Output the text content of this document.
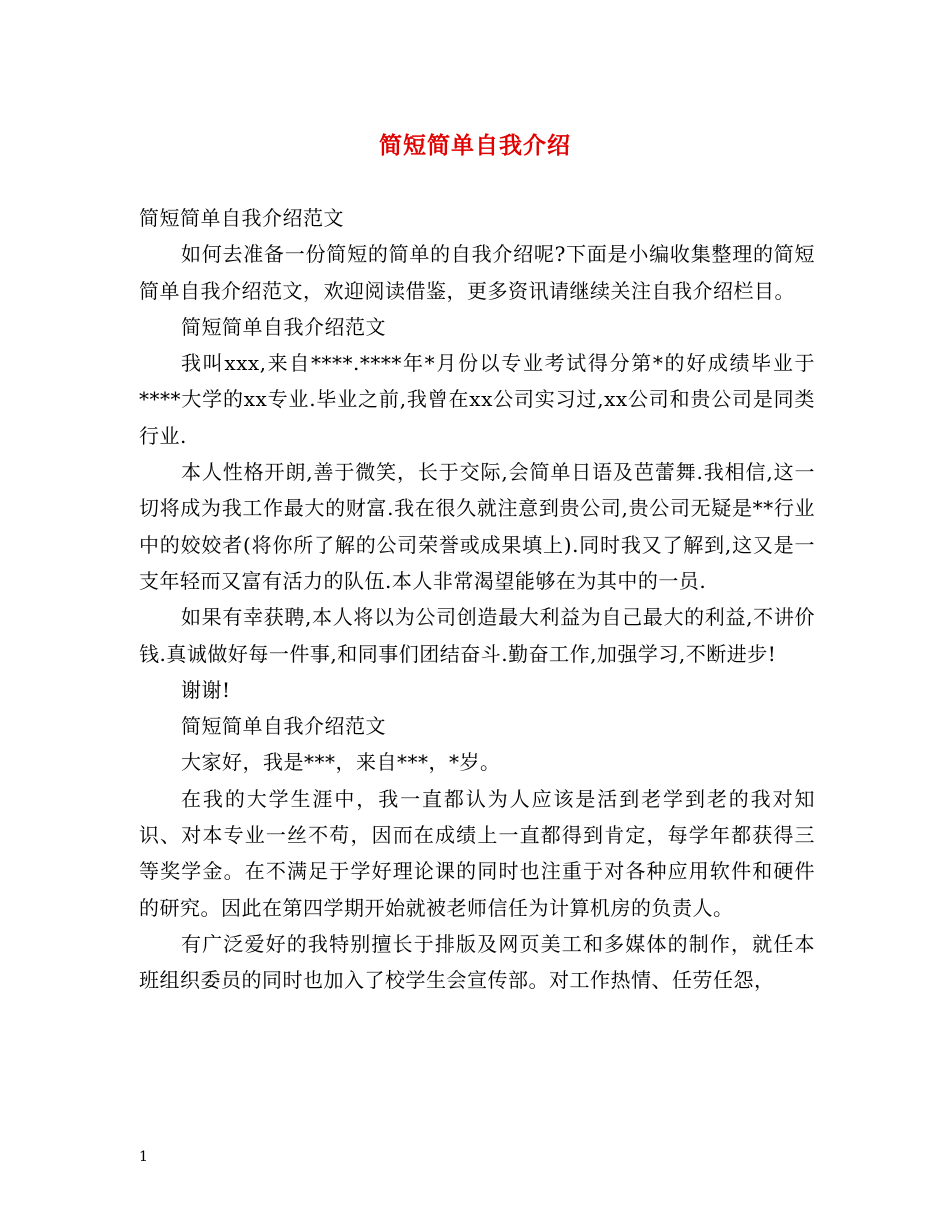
简短简单自我介绍

简短简单自我介绍范文

如何去准备一份简短的简单的自我介绍呢?下面是小编收集整理的简短简单自我介绍范文，欢迎阅读借鉴，更多资讯请继续关注自我介绍栏目。

简短简单自我介绍范文

我叫xxx,来自****.****年*月份以专业考试得分第*的好成绩毕业于****大学的xx专业.毕业之前,我曾在xx公司实习过,xx公司和贵公司是同类行业.

本人性格开朗,善于微笑，长于交际,会简单日语及芭蕾舞.我相信,这一切将成为我工作最大的财富.我在很久就注意到贵公司,贵公司无疑是**行业中的姣姣者(将你所了解的公司荣誉或成果填上).同时我又了解到,这又是一支年轻而又富有活力的队伍.本人非常渴望能够在为其中的一员.

如果有幸获聘,本人将以为公司创造最大利益为自己最大的利益,不讲价钱.真诚做好每一件事,和同事们团结奋斗.勤奋工作,加强学习,不断进步!

谢谢!

简短简单自我介绍范文

大家好，我是***，来自***，*岁。

在我的大学生涯中，我一直都认为人应该是活到老学到老的我对知识、对本专业一丝不苟，因而在成绩上一直都得到肯定，每学年都获得三等奖学金。在不满足于学好理论课的同时也注重于对各种应用软件和硬件的研究。因此在第四学期开始就被老师信任为计算机房的负责人。

有广泛爱好的我特别擅长于排版及网页美工和多媒体的制作，就任本班组织委员的同时也加入了校学生会宣传部。对工作热情、任劳任怨，

1
